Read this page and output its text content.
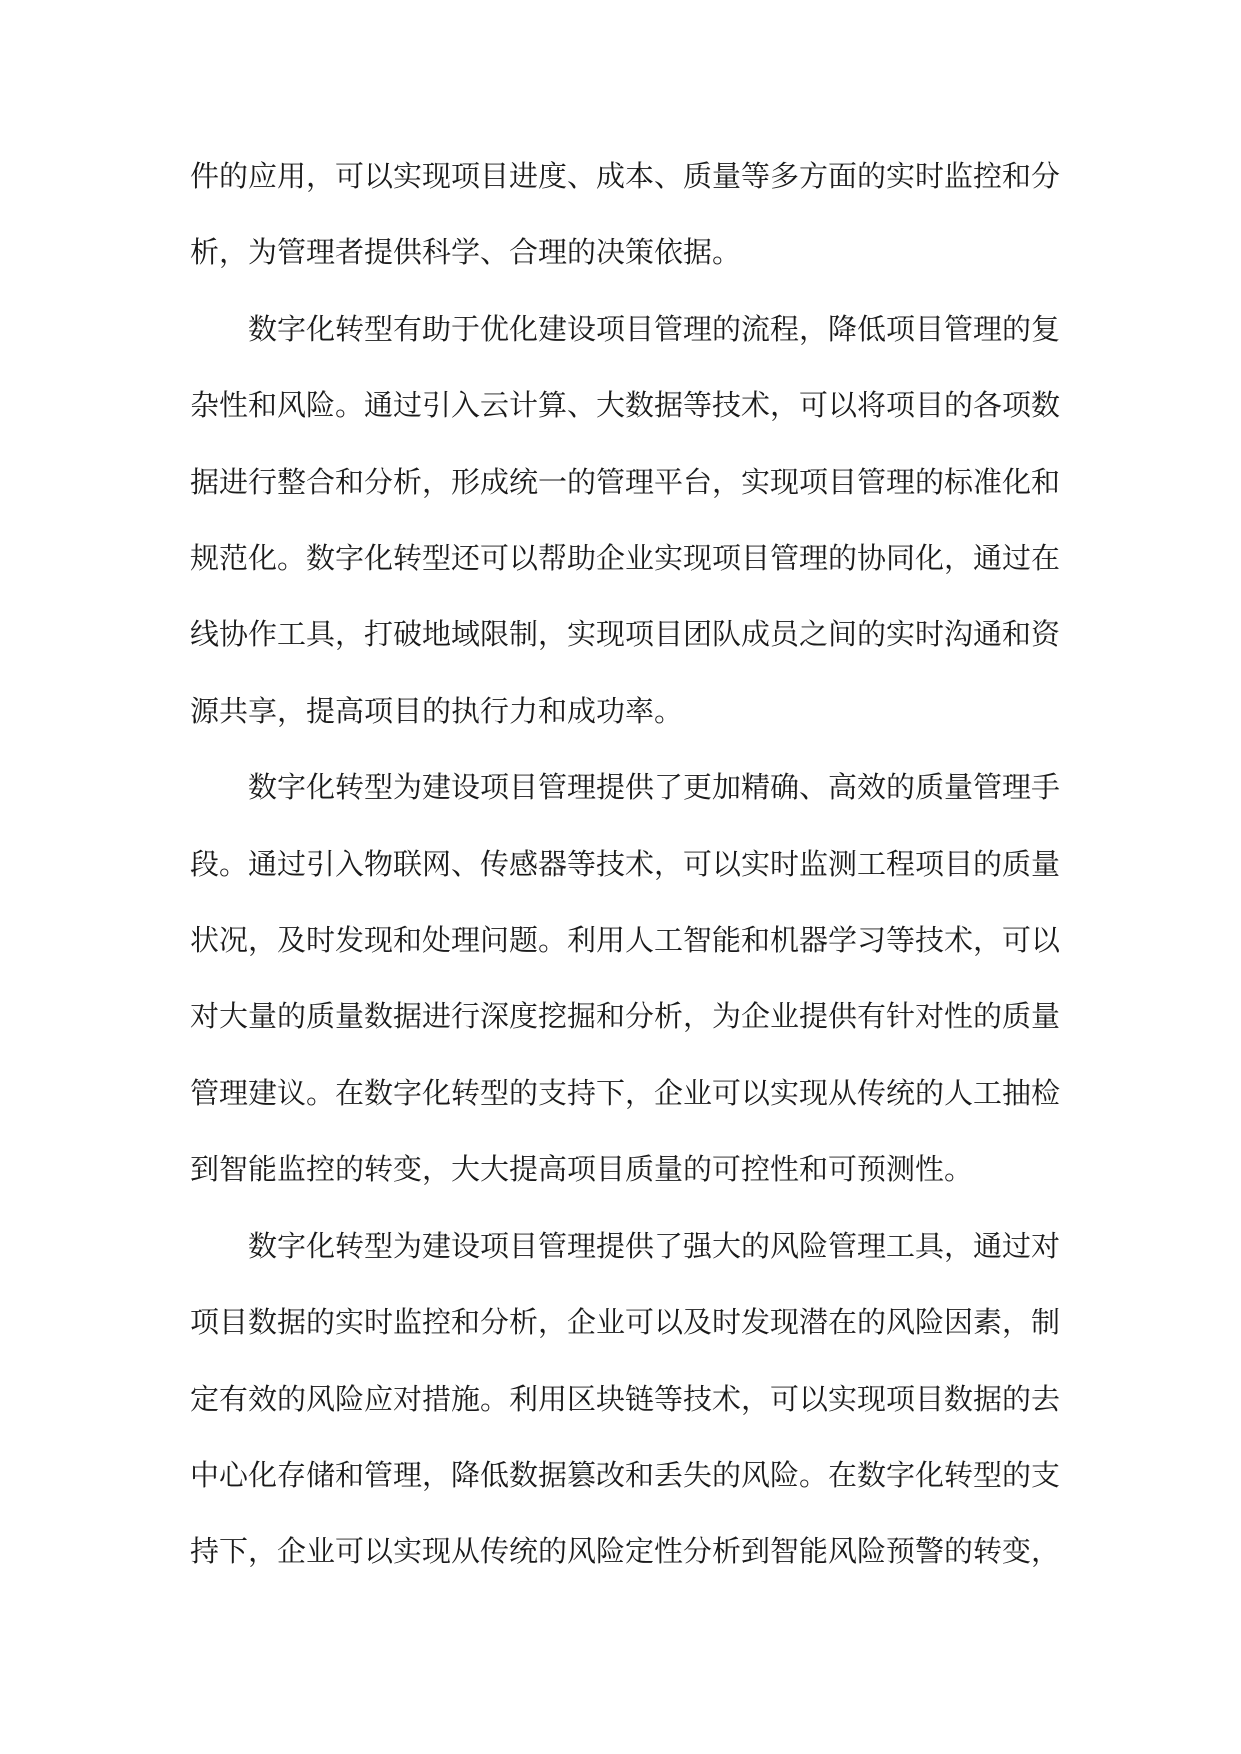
件的应用，可以实现项目进度、成本、质量等多方面的实时监控和分析，为管理者提供科学、合理的决策依据。

数字化转型有助于优化建设项目管理的流程，降低项目管理的复杂性和风险。通过引入云计算、大数据等技术，可以将项目的各项数据进行整合和分析，形成统一的管理平台，实现项目管理的标准化和规范化。数字化转型还可以帮助企业实现项目管理的协同化，通过在线协作工具，打破地域限制，实现项目团队成员之间的实时沟通和资源共享，提高项目的执行力和成功率。

数字化转型为建设项目管理提供了更加精确、高效的质量管理手段。通过引入物联网、传感器等技术，可以实时监测工程项目的质量状况，及时发现和处理问题。利用人工智能和机器学习等技术，可以对大量的质量数据进行深度挖掘和分析，为企业提供有针对性的质量管理建议。在数字化转型的支持下，企业可以实现从传统的人工抽检到智能监控的转变，大大提高项目质量的可控性和可预测性。

数字化转型为建设项目管理提供了强大的风险管理工具，通过对项目数据的实时监控和分析，企业可以及时发现潜在的风险因素，制定有效的风险应对措施。利用区块链等技术，可以实现项目数据的去中心化存储和管理，降低数据篡改和丢失的风险。在数字化转型的支持下，企业可以实现从传统的风险定性分析到智能风险预警的转变，
